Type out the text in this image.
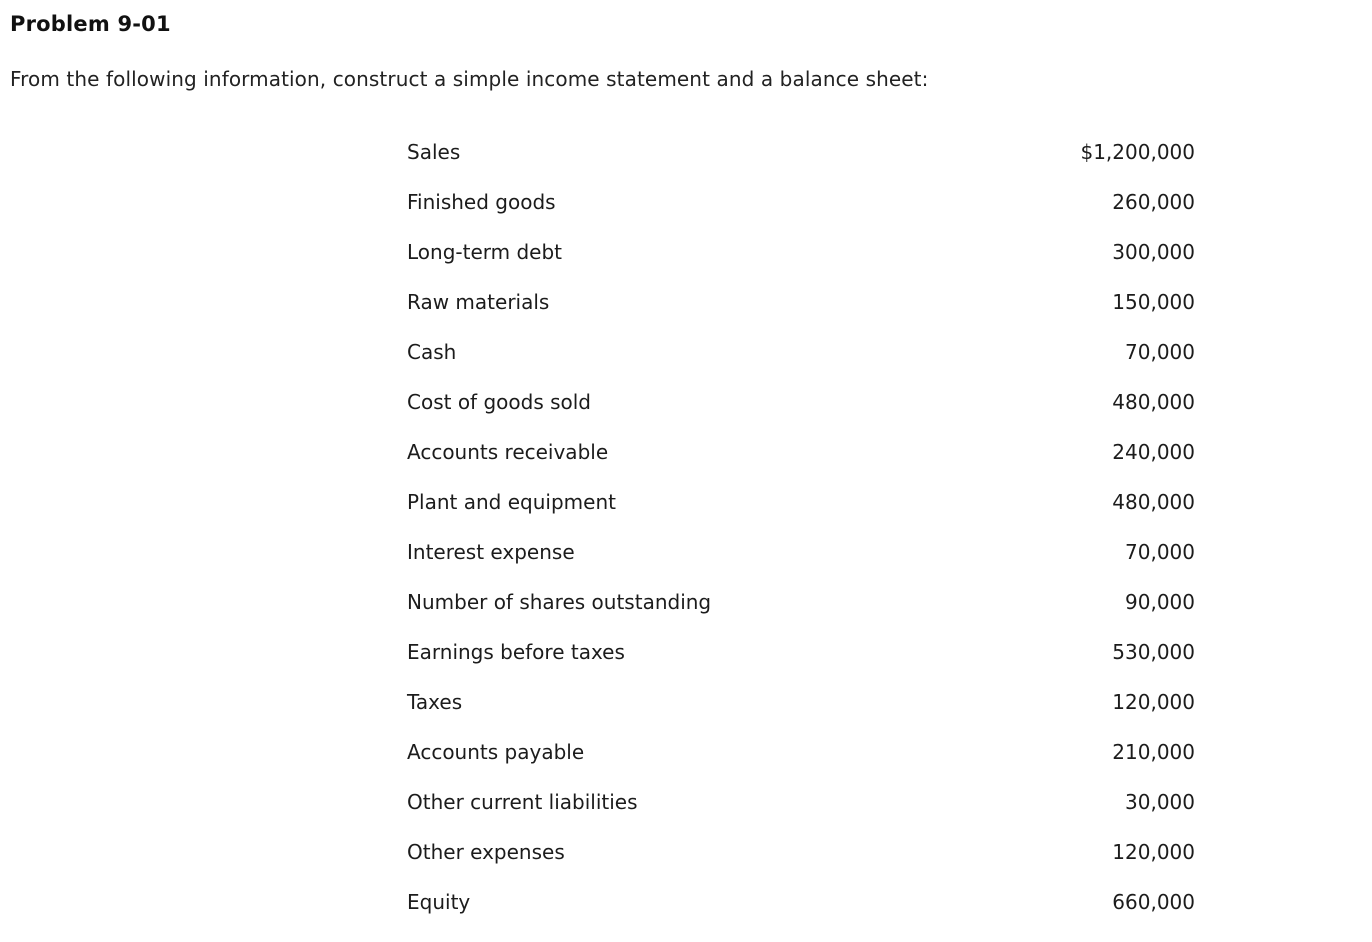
Problem 9-01

From the following information, construct a simple income statement and a balance sheet:

Sales	$1,200,000
Finished goods	260,000
Long-term debt	300,000
Raw materials	150,000
Cash	70,000
Cost of goods sold	480,000
Accounts receivable	240,000
Plant and equipment	480,000
Interest expense	70,000
Number of shares outstanding	90,000
Earnings before taxes	530,000
Taxes	120,000
Accounts payable	210,000
Other current liabilities	30,000
Other expenses	120,000
Equity	660,000
